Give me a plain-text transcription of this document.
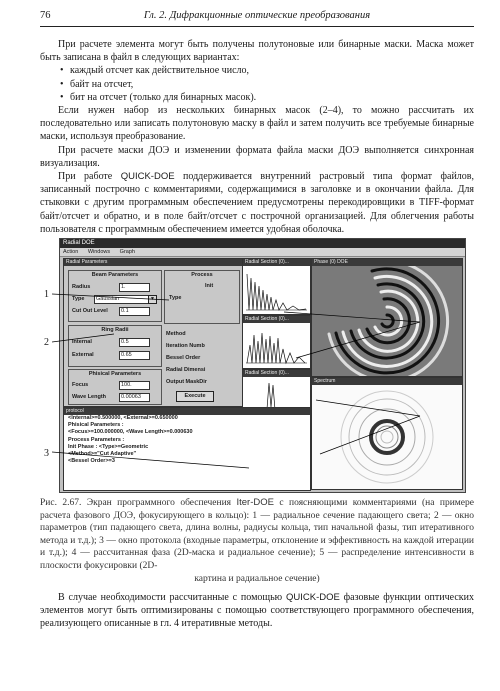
76	Гл. 2. Дифракционные оптические преобразования

При расчете элемента могут быть получены полутоновые или бинарные маски. Маска может быть записана в файл в следующих вариантах:

• каждый отсчет как действительное число,
• байт на отсчет,
• бит на отсчет (только для бинарных масок).

Если нужен набор из нескольких бинарных масок (2–4), то можно рассчитать их последовательно или записать полутоновую маску в файл и затем получить все требуемые бинарные маски, используя преобразование.

При расчете маски ДОЭ и изменении формата файла маски ДОЭ выполняется синхронная визуализация.

При работе QUICK-DOE поддерживается внутренний растровый типа формат файлов, записанный построчно с комментариями, содержащимися в заголовке и в окончании файла. Для стыковки с другим программным обеспечением предусмотрены перекодировщики в TIFF-формат байт/отсчет и обратно, и в поле байт/отсчет с построчной организацией. Для облегчения работы пользователя с программным обеспечением имеется удобная оболочка.

1
2
3
Radial DOE
Action Windows Graph
Radial Parameters
Beam Parameters
Radius	1.
Type	Gaussian
Cut Out Level	0.1
Ring Radii
Internal	0.5
External	0.65
Phisical Parameters
Focus	100.
Wave Length	0.00063
Process
Init
Type
Method
Iteration Numb
Bessel Order
Radial Dimensi
Output MaskDir
Execute
Radial Section (0)...
Radial Section (0)...
Radial Section (0)...
Phase (0) DOE
Spectrum
protocol
<Internal>=0.500000, <External>=0.650000
Phisical Parameters :
<Focus>=100.000000, <Wave Length>=0.000630
Process Parameters :
Init Phase : <Type>=Geometric
<Method>="Cut Adaptive"
<Bessel Order>=3
Рис. 2.67. Экран программного обеспечения Iter-DOE с поясняющими комментариями (на примере расчета фазового ДОЭ, фокусирующего в кольцо): 1 — радиальное сечение падающего света; 2 — окно параметров (тип падающего света, длина волны, радиусы кольца, тип начальной фазы, тип итеративного метода и т.д.); 3 — окно протокола (входные параметры, отклонение и эффективность на каждой итерации и т.д.); 4 — рассчитанная фаза (2D-маска и радиальное сечение); 5 — распределение интенсивности в плоскости фокусировки (2D-
картина и радиальное сечение)

В случае необходимости рассчитанные с помощью QUICK-DOE фазовые функции оптических элементов могут быть оптимизированы с помощью соответствующего программного обеспечения, реализующего описанные в гл. 4 итеративные методы.
